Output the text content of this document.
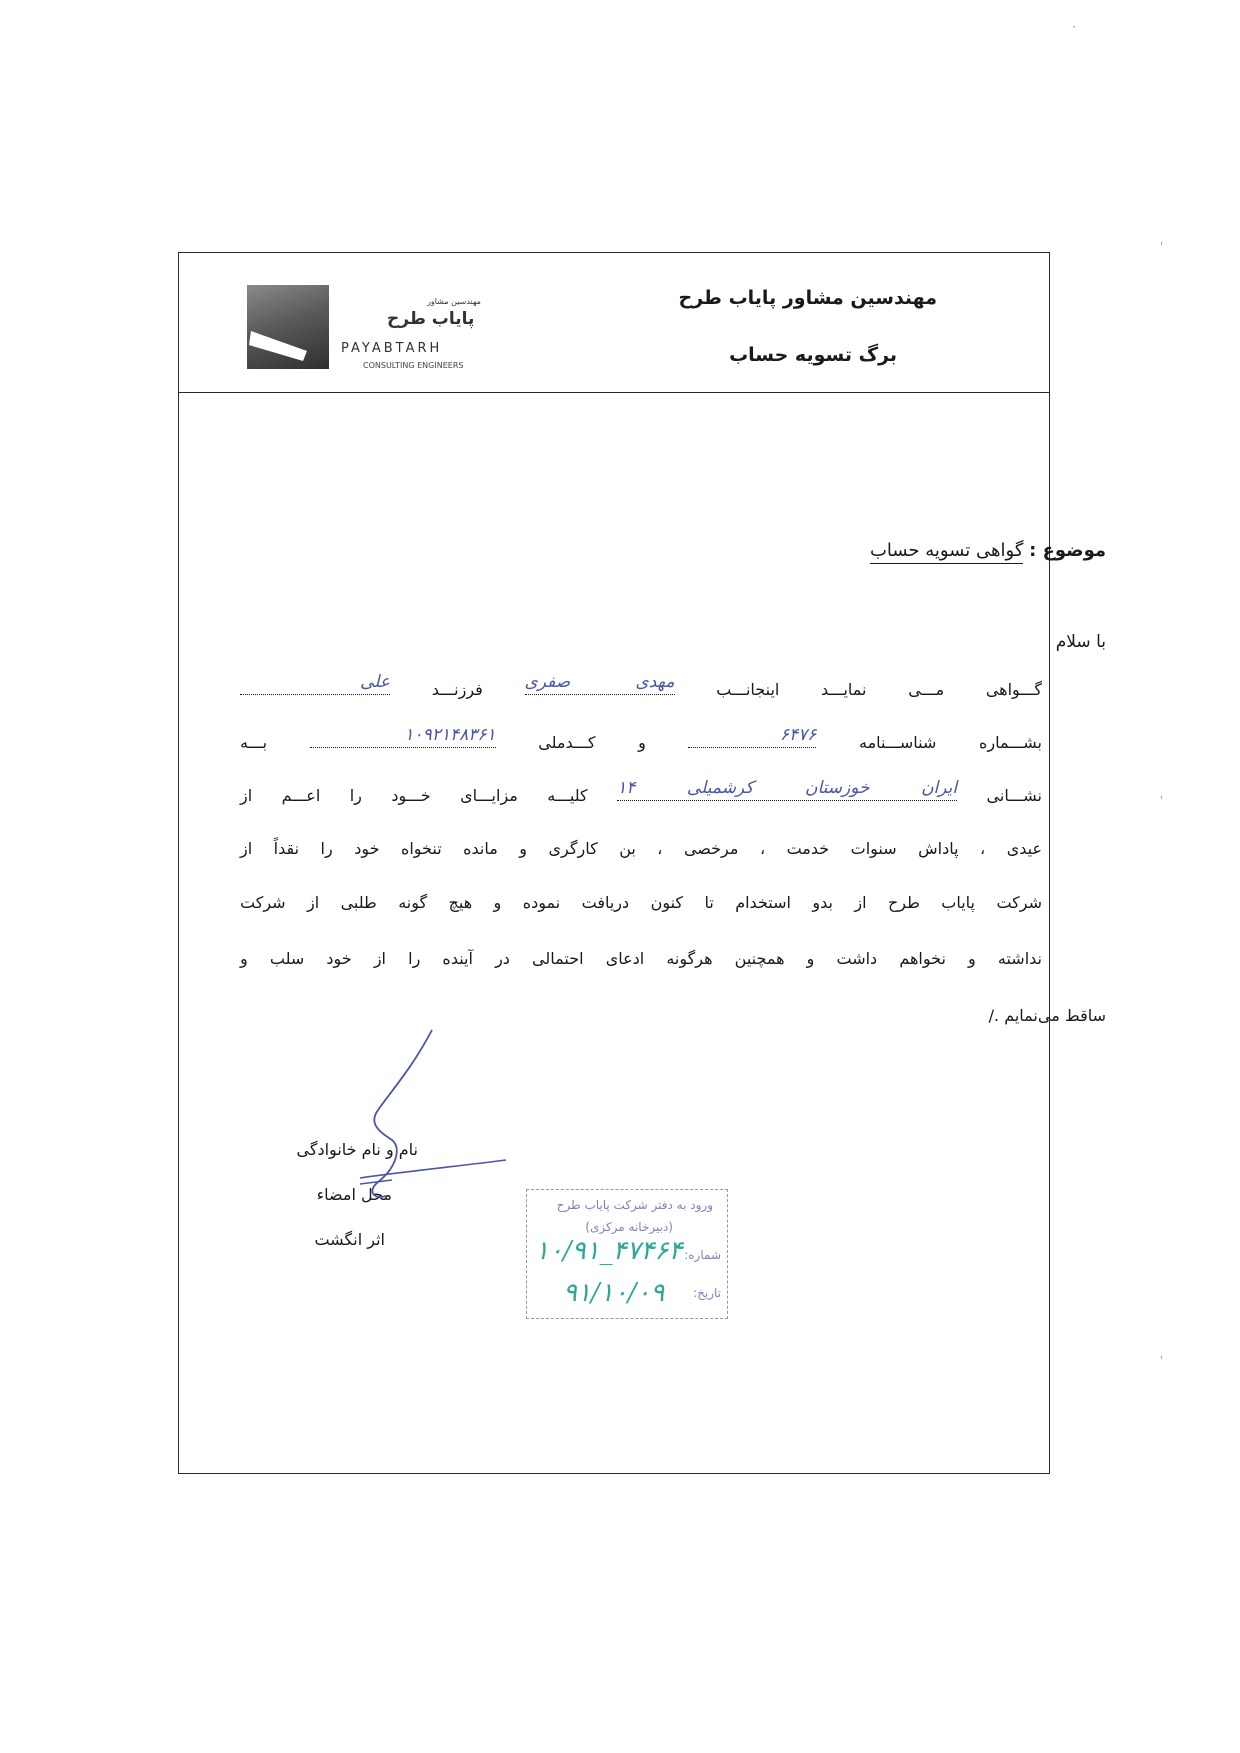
مهندسین مشاور پایاب طرح
برگ تسویه حساب
مهندسین مشاور
پایاب طرح
PAYABTARH
CONSULTING ENGINEERS
موضوع : گواهی تسویه حساب
با سلام
گـــواهی مـــی نمایـــد اینجانـــب
مهدی صفری
فرزنـــد
علی
بشـــماره شناســـنامه
۶۴۷۶
و کـــدملی
۱۰۹۲۱۴۸۳۶۱
بـــه
نشـــانی
ایران خوزستان کرشمیلی ۱۴
کلیـــه مزایـــای خـــود را اعـــم از
عیدی ، پاداش سنوات خدمت ، مرخصی ، بن کارگری و مانده تنخواه خود را نقداً از
شرکت پایاب طرح از بدو استخدام تا کنون دریافت نموده و هیچ گونه طلبی از شرکت
نداشته و نخواهم داشت و همچنین هرگونه ادعای احتمالی در آینده را از خود سلب و
ساقط می‌نمایم ./
نام و نام خانوادگی
محل امضاء
اثر انگشت
ورود به دفتر شرکت پایاب طرح
(دبیرخانه مرکزی)
شماره:
تاریخ:
۱۰/۹۱_۴۷۴۶۴
۹۱/۱۰/۰۹
·
ˌ
ˌ
ˌ
